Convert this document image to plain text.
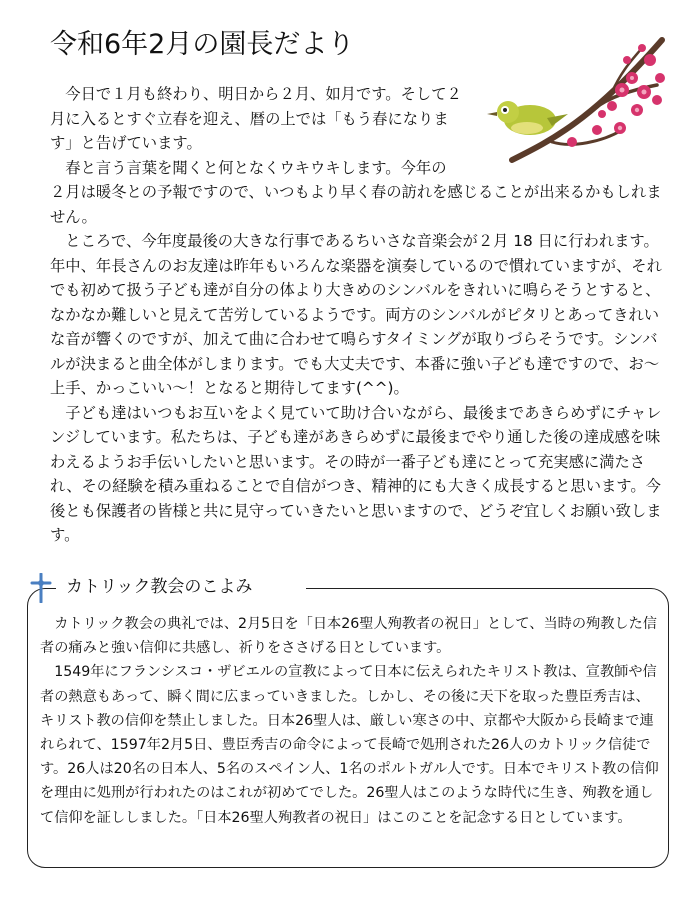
令和6年2月の園長だより

　今日で１月も終わり、明日から２月、如月です。そして２月に入るとすぐ立春を迎え、暦の上では「もう春になります」と告げています。

　春と言う言葉を聞くと何となくウキウキします。今年の

２月は暖冬との予報ですので、いつもより早く春の訪れを感じることが出来るかもしれません。

　ところで、今年度最後の大きな行事であるちいさな音楽会が２月 18 日に行われます。年中、年長さんのお友達は昨年もいろんな楽器を演奏しているので慣れていますが、それでも初めて扱う子ども達が自分の体より大きめのシンバルをきれいに鳴らそうとすると、なかなか難しいと見えて苦労しているようです。両方のシンバルがピタリとあってきれいな音が響くのですが、加えて曲に合わせて鳴らすタイミングが取りづらそうです。シンバルが決まると曲全体がしまります。でも大丈夫です、本番に強い子ども達ですので、お～上手、かっこいい～！となると期待してます(^^)。

　子ども達はいつもお互いをよく見ていて助け合いながら、最後まであきらめずにチャレンジしています。私たちは、子ども達があきらめずに最後までやり通した後の達成感を味わえるようお手伝いしたいと思います。その時が一番子ども達にとって充実感に満たされ、その経験を積み重ねることで自信がつき、精神的にも大きく成長すると思います。今後とも保護者の皆様と共に見守っていきたいと思いますので、どうぞ宜しくお願い致します。

カトリック教会のこよみ

　カトリック教会の典礼では、2月5日を「日本26聖人殉教者の祝日」として、当時の殉教した信者の痛みと強い信仰に共感し、祈りをささげる日としています。

　1549年にフランシスコ・ザビエルの宣教によって日本に伝えられたキリスト教は、宣教師や信者の熱意もあって、瞬く間に広まっていきました。しかし、その後に天下を取った豊臣秀吉は、キリスト教の信仰を禁止しました。日本26聖人は、厳しい寒さの中、京都や大阪から長崎まで連れられて、1597年2月5日、豊臣秀吉の命令によって長崎で処刑された26人のカトリック信徒です。26人は20名の日本人、5名のスペイン人、1名のポルトガル人です。日本でキリスト教の信仰を理由に処刑が行われたのはこれが初めてでした。26聖人はこのような時代に生き、殉教を通して信仰を証ししました。「日本26聖人殉教者の祝日」はこのことを記念する日としています。
